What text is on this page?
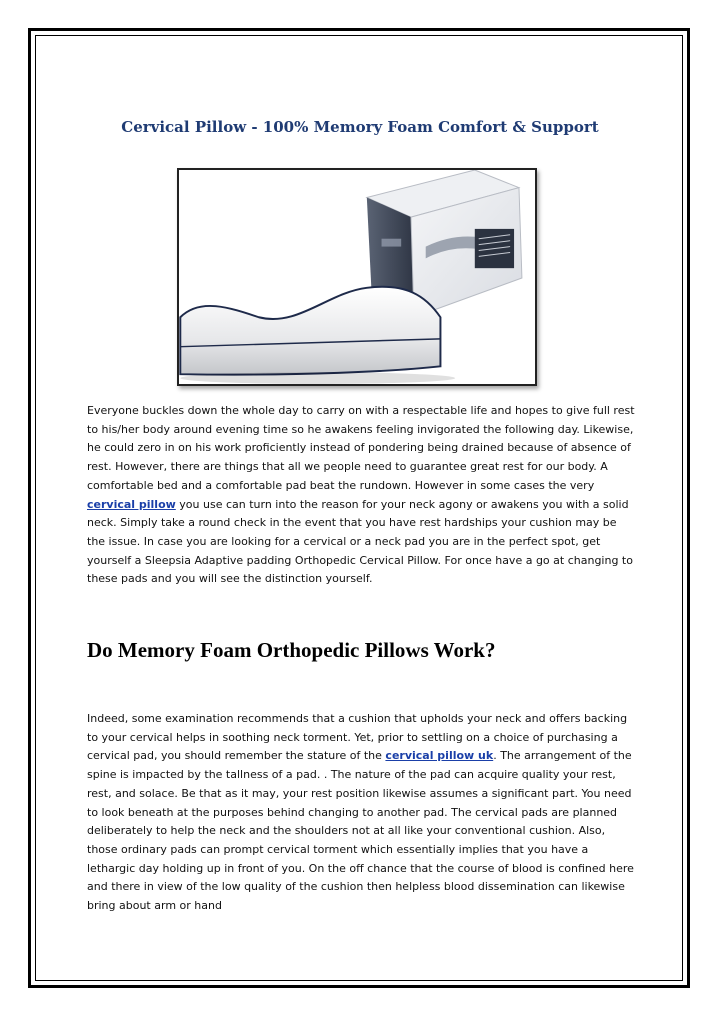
Cervical Pillow - 100% Memory Foam Comfort & Support

Everyone buckles down the whole day to carry on with a respectable life and hopes to give full rest to his/her body around evening time so he awakens feeling invigorated the following day. Likewise, he could zero in on his work proficiently instead of pondering being drained because of absence of rest. However, there are things that all we people need to guarantee great rest for our body. A comfortable bed and a comfortable pad beat the rundown. However in some cases the very cervical pillow you use can turn into the reason for your neck agony or awakens you with a solid neck. Simply take a round check in the event that you have rest hardships your cushion may be the issue. In case you are looking for a cervical or a neck pad you are in the perfect spot, get yourself a Sleepsia Adaptive padding Orthopedic Cervical Pillow. For once have a go at changing to these pads and you will see the distinction yourself.

Do Memory Foam Orthopedic Pillows Work?

Indeed, some examination recommends that a cushion that upholds your neck and offers backing to your cervical helps in soothing neck torment. Yet, prior to settling on a choice of purchasing a cervical pad, you should remember the stature of the cervical pillow uk. The arrangement of the spine is impacted by the tallness of a pad. . The nature of the pad can acquire quality your rest, rest, and solace. Be that as it may, your rest position likewise assumes a significant part. You need to look beneath at the purposes behind changing to another pad. The cervical pads are planned deliberately to help the neck and the shoulders not at all like your conventional cushion. Also, those ordinary pads can prompt cervical torment which essentially implies that you have a lethargic day holding up in front of you. On the off chance that the course of blood is confined here and there in view of the low quality of the cushion then helpless blood dissemination can likewise bring about arm or hand
